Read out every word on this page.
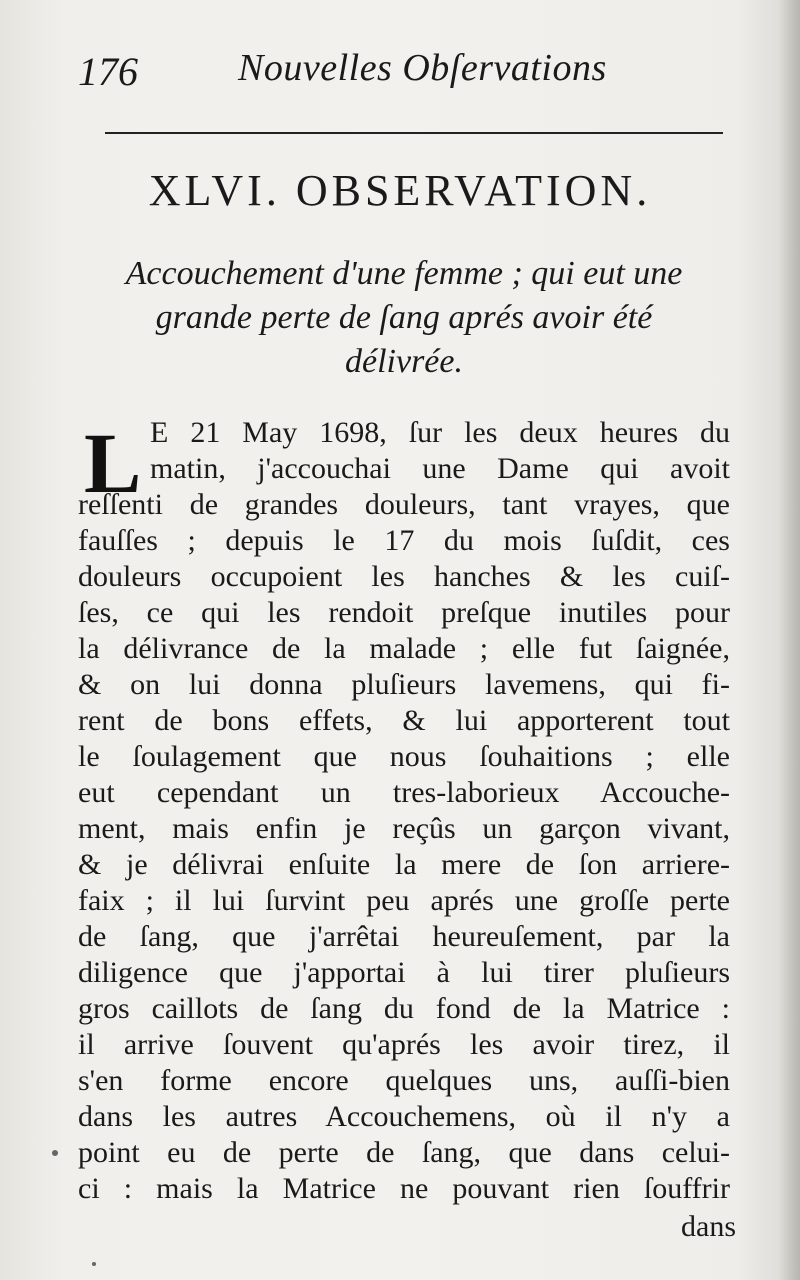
176	Nouvelles Obſervations
XLVI. OBSERVATION.
Accouchement d'une femme ; qui eut une
grande perte de ſang aprés avoir été
délivrée.
L E 21 May 1698, ſur les deux heures du
matin, j'accouchai une Dame qui avoit
reſſenti de grandes douleurs, tant vrayes, que
fauſſes ; depuis le 17 du mois ſuſdit, ces
douleurs occupoient les hanches & les cuiſ-
ſes, ce qui les rendoit preſque inutiles pour
la délivrance de la malade ; elle fut ſaignée,
& on lui donna pluſieurs lavemens, qui fi-
rent de bons effets, & lui apporterent tout
le ſoulagement que nous ſouhaitions ; elle
eut cependant un tres-laborieux Accouche-
ment, mais enfin je reçûs un garçon vivant,
& je délivrai enſuite la mere de ſon arriere-
faix ; il lui ſurvint peu aprés une groſſe perte
de ſang, que j'arrêtai heureuſement, par la
diligence que j'apportai à lui tirer pluſieurs
gros caillots de ſang du fond de la Matrice :
il arrive ſouvent qu'aprés les avoir tirez, il
s'en forme encore quelques uns, auſſi-bien
dans les autres Accouchemens, où il n'y a
point eu de perte de ſang, que dans celui-
ci : mais la Matrice ne pouvant rien ſouffrir
dans
